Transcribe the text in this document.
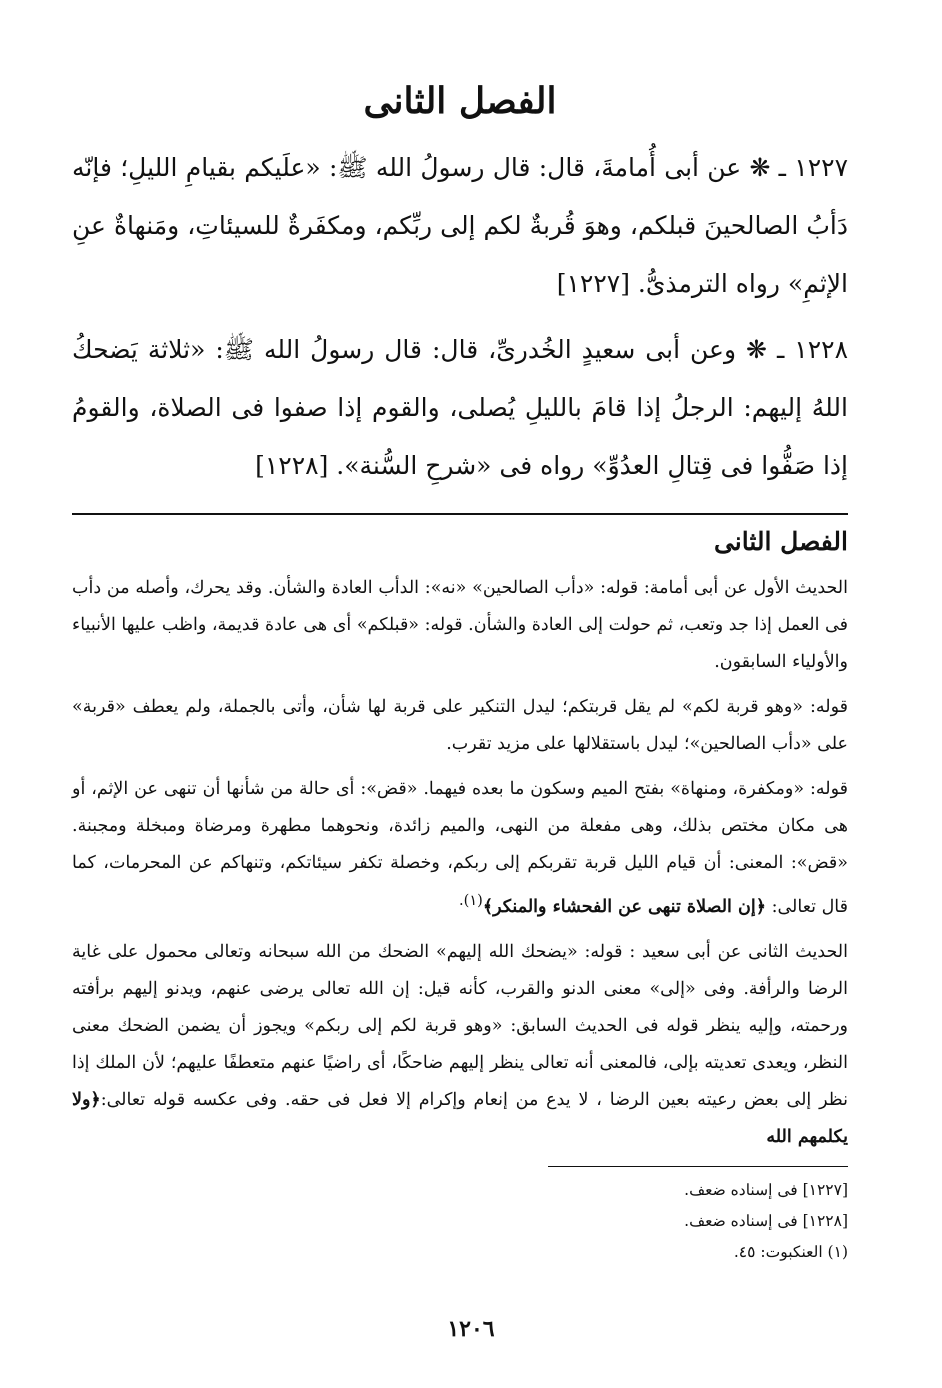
الفصل الثانى

١٢٢٧ ـ ❋ عن أبى أُمامةَ، قال: قال رسولُ الله ﷺ: «علَيكم بقيامِ الليلِ؛ فإنّه دَأبُ الصالحينَ قبلكم، وهوَ قُربةٌ لكم إلى ربِّكم، ومكفَرةٌ للسيئاتِ، ومَنهاةٌ عنِ الإثمِ» رواه الترمذىُّ. [١٢٢٧]

١٢٢٨ ـ ❋ وعن أبى سعيدٍ الخُدرىِّ، قال: قال رسولُ الله ﷺ: «ثلاثة يَضحكُ اللهُ إليهم: الرجلُ إذا قامَ بالليلِ يُصلى، والقوم إذا صفوا فى الصلاة، والقومُ إذا صَفُّوا فى قِتالِ العدُوِّ» رواه فى «شرحِ السُّنة». [١٢٢٨]

الفصل الثانى

الحديث الأول عن أبى أمامة: قوله: «دأب الصالحين» «نه»: الدأب العادة والشأن. وقد يحرك، وأصله من دأب فى العمل إذا جد وتعب، ثم حولت إلى العادة والشأن. قوله: «قبلكم» أى هى عادة قديمة، واظب عليها الأنبياء والأولياء السابقون.

قوله: «وهو قربة لكم» لم يقل قربتكم؛ ليدل التنكير على قربة لها شأن، وأتى بالجملة، ولم يعطف «قربة» على «دأب الصالحين»؛ ليدل باستقلالها على مزيد تقرب.

قوله: «ومكفرة، ومنهاة» بفتح الميم وسكون ما بعده فيهما. «قض»: أى حالة من شأنها أن تنهى عن الإثم، أو هى مكان مختص بذلك، وهى مفعلة من النهى، والميم زائدة، ونحوهما مطهرة ومرضاة ومبخلة ومجبنة. «قض»: المعنى: أن قيام الليل قربة تقربكم إلى ربكم، وخصلة تكفر سيئاتكم، وتنهاكم عن المحرمات، كما قال تعالى: ﴿إن الصلاة تنهى عن الفحشاء والمنكر﴾$^{(١).}$

الحديث الثانى عن أبى سعيد : قوله: «يضحك الله إليهم» الضحك من الله سبحانه وتعالى محمول على غاية الرضا والرأفة. وفى «إلى» معنى الدنو والقرب، كأنه قيل: إن الله تعالى يرضى عنهم، ويدنو إليهم برأفته ورحمته، وإليه ينظر قوله فى الحديث السابق: «وهو قربة لكم إلى ربكم» ويجوز أن يضمن الضحك معنى النظر، ويعدى تعديته بإلى، فالمعنى أنه تعالى ينظر إليهم ضاحكًا، أى راضيًا عنهم متعطفًا عليهم؛ لأن الملك إذا نظر إلى بعض رعيته بعين الرضا ، لا يدع من إنعام وإكرام إلا فعل فى حقه. وفى عكسه قوله تعالى:﴿ولا يكلمهم الله

[١٢٢٧] فى إسناده ضعف.

[١٢٢٨] فى إسناده ضعف.

(١) العنكبوت: ٤٥.

١٢٠٦
